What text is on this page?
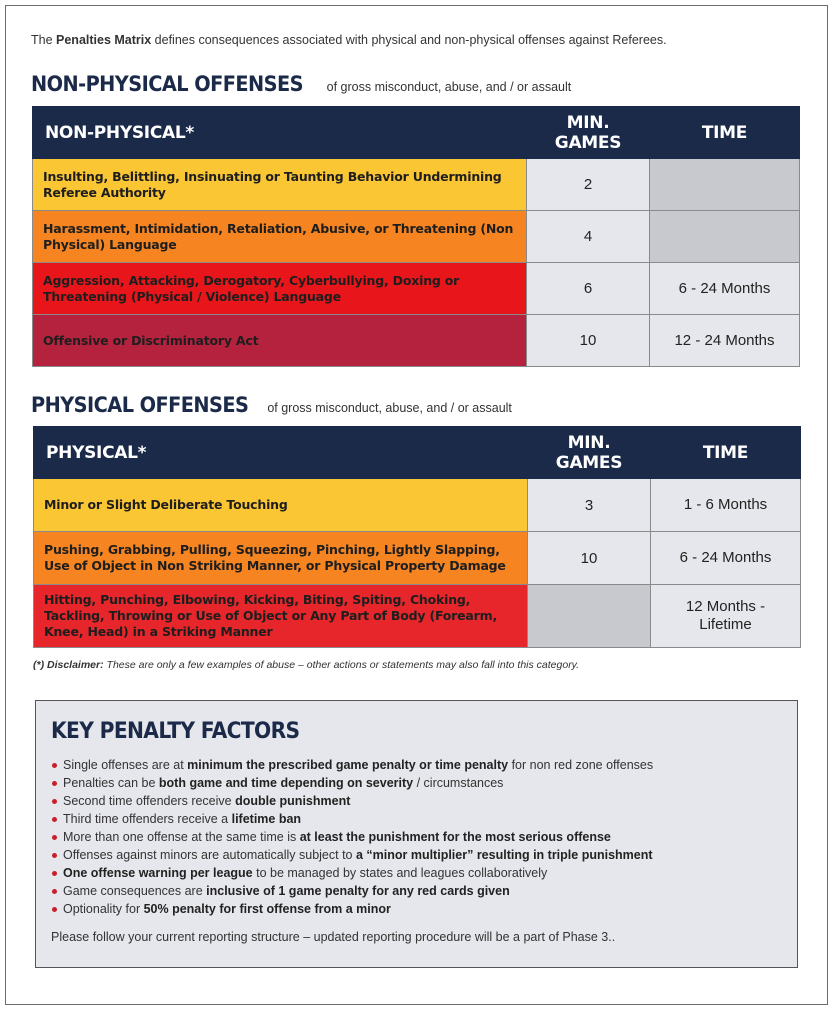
The Penalties Matrix defines consequences associated with physical and non-physical offenses against Referees.
NON-PHYSICAL OFFENSES of gross misconduct, abuse, and / or assault
NON-PHYSICAL*	MIN. GAMES	TIME
Insulting, Belittling, Insinuating or Taunting Behavior Undermining Referee Authority	2	
Harassment, Intimidation, Retaliation, Abusive, or Threatening (Non Physical) Language	4	
Aggression, Attacking, Derogatory, Cyberbullying, Doxing or Threatening (Physical / Violence) Language	6	6 - 24 Months
Offensive or Discriminatory Act	10	12 - 24 Months
PHYSICAL OFFENSES of gross misconduct, abuse, and / or assault
PHYSICAL*	MIN. GAMES	TIME
Minor or Slight Deliberate Touching	3	1 - 6 Months
Pushing, Grabbing, Pulling, Squeezing, Pinching, Lightly Slapping, Use of Object in Non Striking Manner, or Physical Property Damage	10	6 - 24 Months
Hitting, Punching, Elbowing, Kicking, Biting, Spiting, Choking, Tackling, Throwing or Use of Object or Any Part of Body (Forearm, Knee, Head) in a Striking Manner		12 Months - Lifetime
(*) Disclaimer: These are only a few examples of abuse – other actions or statements may also fall into this category.
KEY PENALTY FACTORS
Single offenses are at minimum the prescribed game penalty or time penalty for non red zone offenses
Penalties can be both game and time depending on severity / circumstances
Second time offenders receive double punishment
Third time offenders receive a lifetime ban
More than one offense at the same time is at least the punishment for the most serious offense
Offenses against minors are automatically subject to a “minor multiplier” resulting in triple punishment
One offense warning per league to be managed by states and leagues collaboratively
Game consequences are inclusive of 1 game penalty for any red cards given
Optionality for 50% penalty for first offense from a minor
Please follow your current reporting structure – updated reporting procedure will be a part of Phase 3..
